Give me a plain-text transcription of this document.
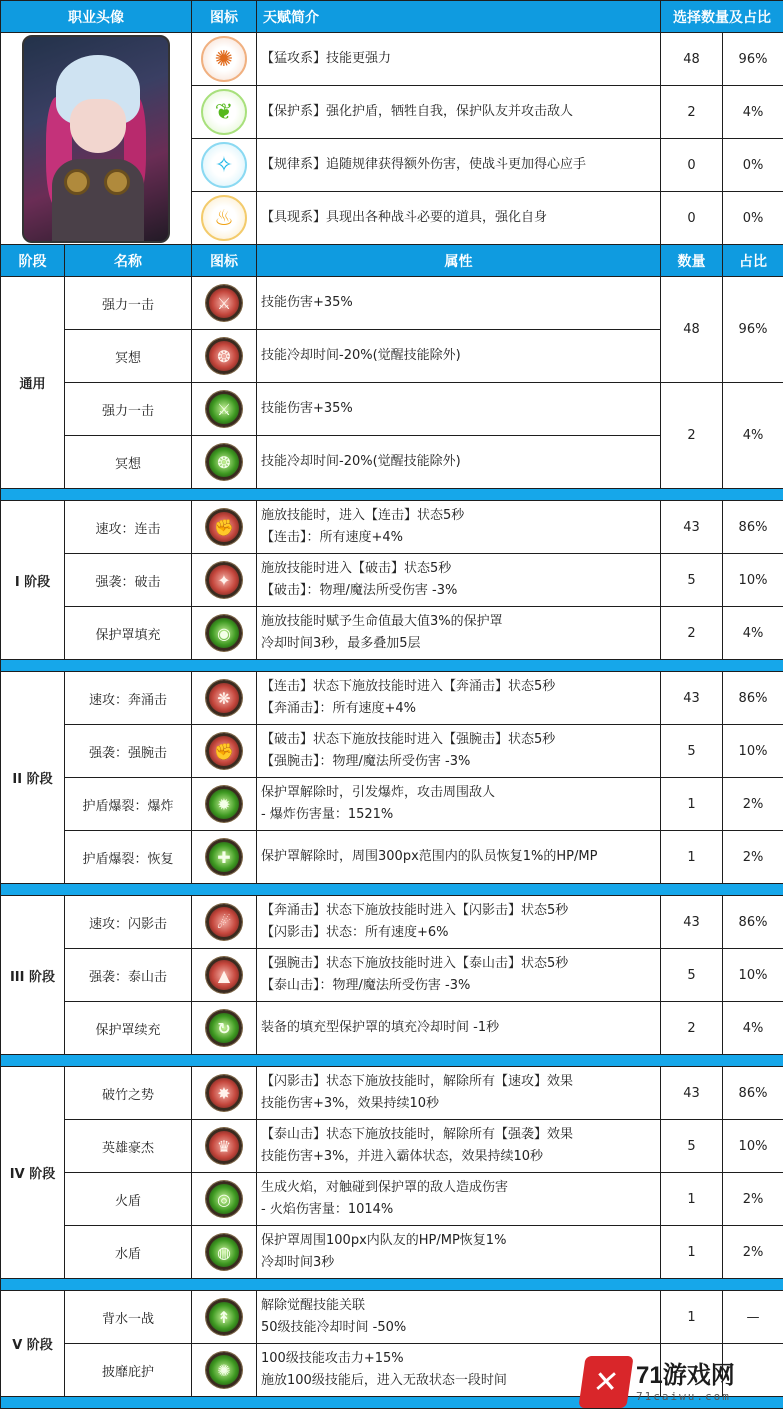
职业头像		图标	天赋简介	选择数量及占比	

✺	【猛攻系】技能更强力	48	96%

❦	【保护系】强化护盾，牺牲自我，保护队友并攻击敌人	2	4%

✧	【规律系】追随规律获得额外伤害，使战斗更加得心应手	0	0%

♨	【具现系】具现出各种战斗必要的道具，强化自身	0	0%
阶段	名称	图标	属性	数量	占比
通用	强力一击	⚔	技能伤害+35%	48	96%
	冥想	❂	技能冷却时间-20%(觉醒技能除外)		

	强力一击	⚔	技能伤害+35%	2	4%
	冥想	❂	技能冷却时间-20%(觉醒技能除外)		

I 阶段	速攻：连击	✊	施放技能时，进入【连击】状态5秒
【连击】：所有速度+4%	43	86%
	强袭：破击	✦	施放技能时进入【破击】状态5秒
【破击】：物理/魔法所受伤害 -3%	5	10%
	保护罩填充	◉	施放技能时赋予生命值最大值3%的保护罩
冷却时间3秒，最多叠加5层	2	4%

II 阶段	速攻：奔涌击	❋	【连击】状态下施放技能时进入【奔涌击】状态5秒
【奔涌击】：所有速度+4%	43	86%
	强袭：强腕击	✊	【破击】状态下施放技能时进入【强腕击】状态5秒
【强腕击】：物理/魔法所受伤害 -3%	5	10%
	护盾爆裂：爆炸	✹	保护罩解除时，引发爆炸，攻击周围敌人
- 爆炸伤害量：1521%	1	2%
	护盾爆裂：恢复	✚	保护罩解除时，周围300px范围内的队员恢复1%的HP/MP	1	2%

III 阶段	速攻：闪影击	☄	【奔涌击】状态下施放技能时进入【闪影击】状态5秒
【闪影击】状态：所有速度+6%	43	86%
	强袭：泰山击	▲	【强腕击】状态下施放技能时进入【泰山击】状态5秒
【泰山击】：物理/魔法所受伤害 -3%	5	10%
	保护罩续充	↻	装备的填充型保护罩的填充冷却时间 -1秒	2	4%

IV 阶段	破竹之势	✸	【闪影击】状态下施放技能时，解除所有【速攻】效果
技能伤害+3%，效果持续10秒	43	86%
	英雄豪杰	♛	【泰山击】状态下施放技能时，解除所有【强袭】效果
技能伤害+3%，并进入霸体状态，效果持续10秒	5	10%
	火盾	◎	生成火焰，对触碰到保护罩的敌人造成伤害
- 火焰伤害量：1014%	1	2%
	水盾	◍	保护罩周围100px内队友的HP/MP恢复1%
冷却时间3秒	1	2%

V 阶段	背水一战	↟	解除觉醒技能关联
50级技能冷却时间 -50%	1	—
	披靡庇护	✺	100级技能攻击力+15%
施放100级技能后，进入无敌状态一段时间		
			✕ 71游戏网
71caiwu.com
